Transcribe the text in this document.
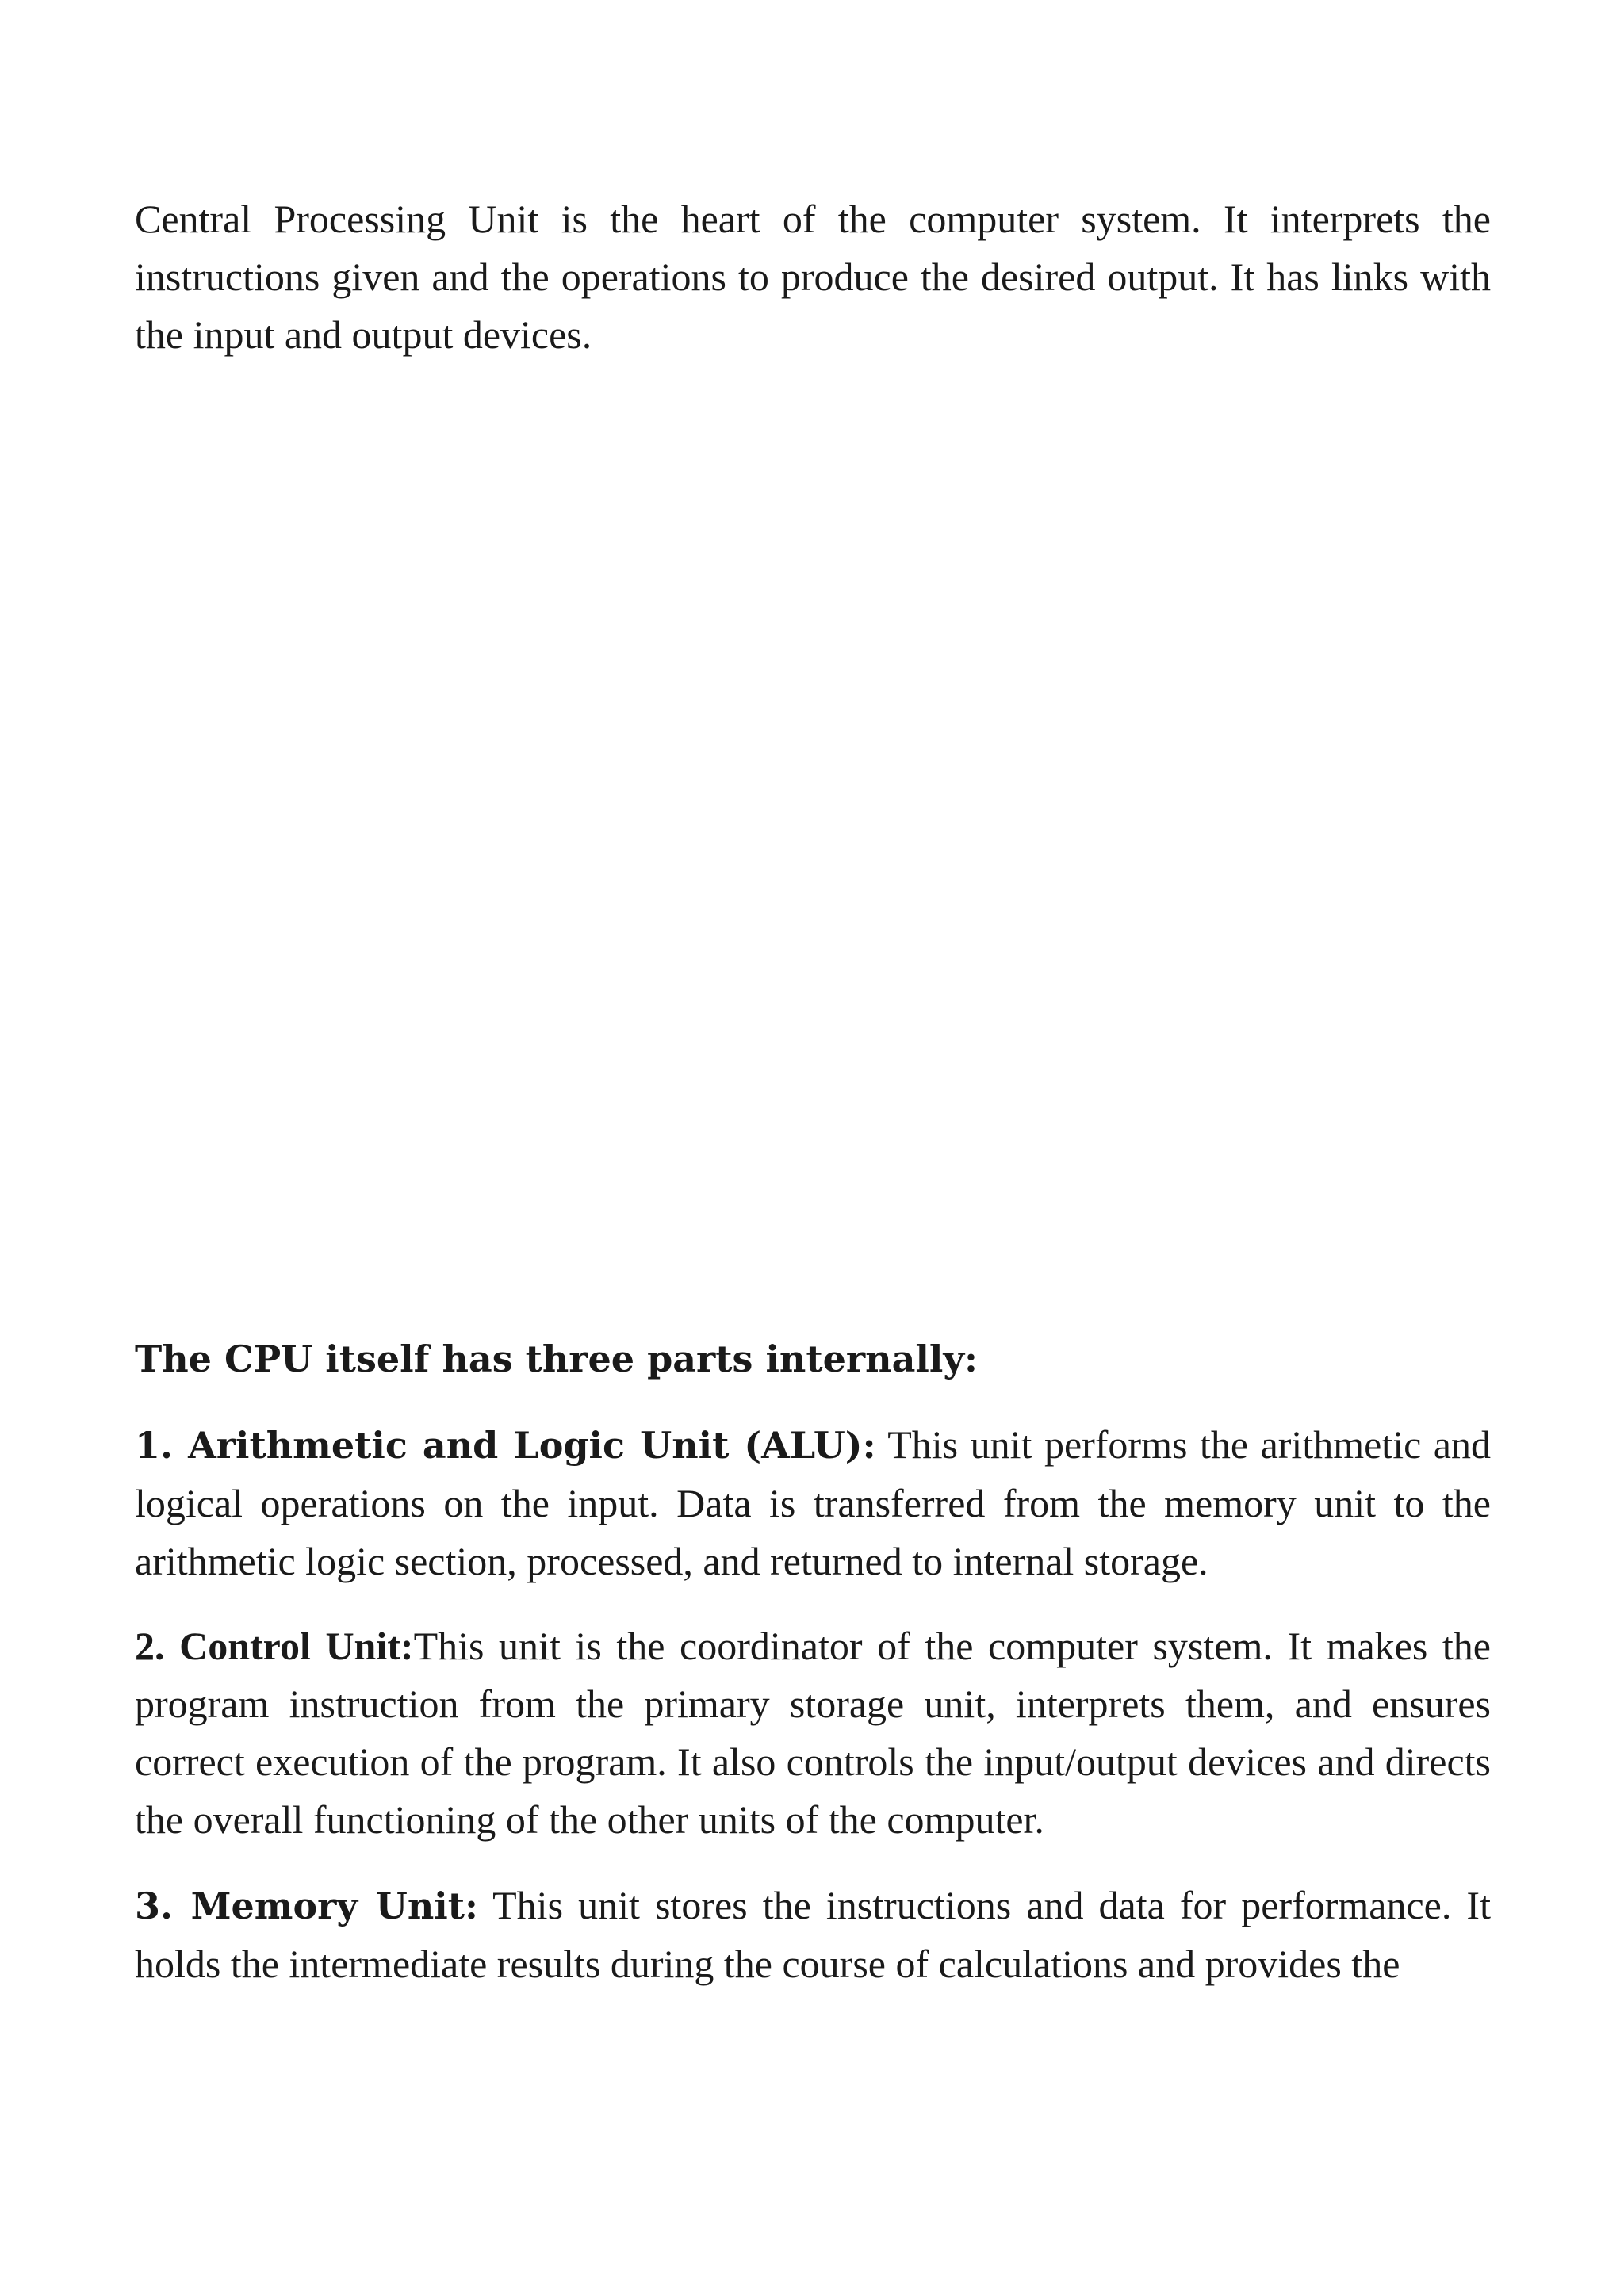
Central Processing Unit is the heart of the computer system. It interprets the instructions given and the operations to produce the desired output. It has links with the input and output devices.

The CPU itself has three parts internally:

1. Arithmetic and Logic Unit (ALU): This unit performs the arithmetic and logical operations on the input. Data is transferred from the memory unit to the arithmetic logic section, processed, and returned to internal storage.

2. Control Unit:This unit is the coordinator of the computer system. It makes the program instruction from the primary storage unit, interprets them, and ensures correct execution of the program. It also controls the input/output devices and directs the overall functioning of the other units of the computer.

3. Memory Unit: This unit stores the instructions and data for performance. It holds the intermediate results during the course of calculations and provides the
